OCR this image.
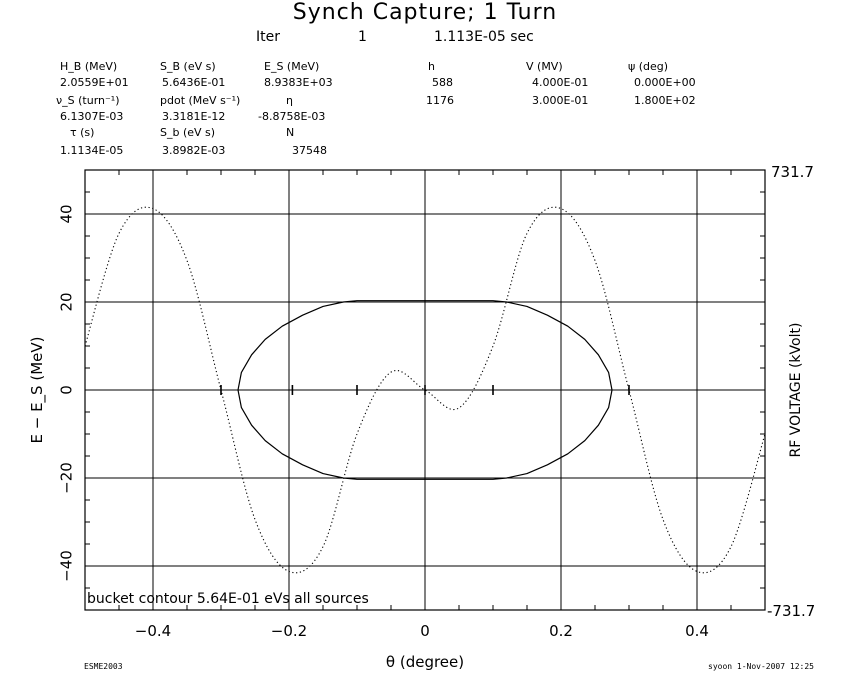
Synch Capture; 1 Turn
Iter	1	1.113E-05 sec
H_B (MeV)	S_B (eV s)	E_S (MeV)
2.0559E+01	5.6436E-01	8.9383E+03
ν_S (turn⁻¹)	pdot (MeV s⁻¹)	η
6.1307E-03	3.3181E-12	-8.8758E-03
τ (s)	S_b (eV s)	N
1.1134E-05	3.8982E-03	37548
h	V (MV)	ψ (deg)
588	4.000E-01	0.000E+00
1176	3.000E-01	1.800E+02
−0.4	−0.2	0	0.2	0.4
−40
−20
0
20
40
731.7
-731.7
bucket contour 5.64E-01 eVs all sources
θ (degree)
E − E_S (MeV)	RF VOLTAGE (kVolt)
ESME2003	syoon 1-Nov-2007 12:25
